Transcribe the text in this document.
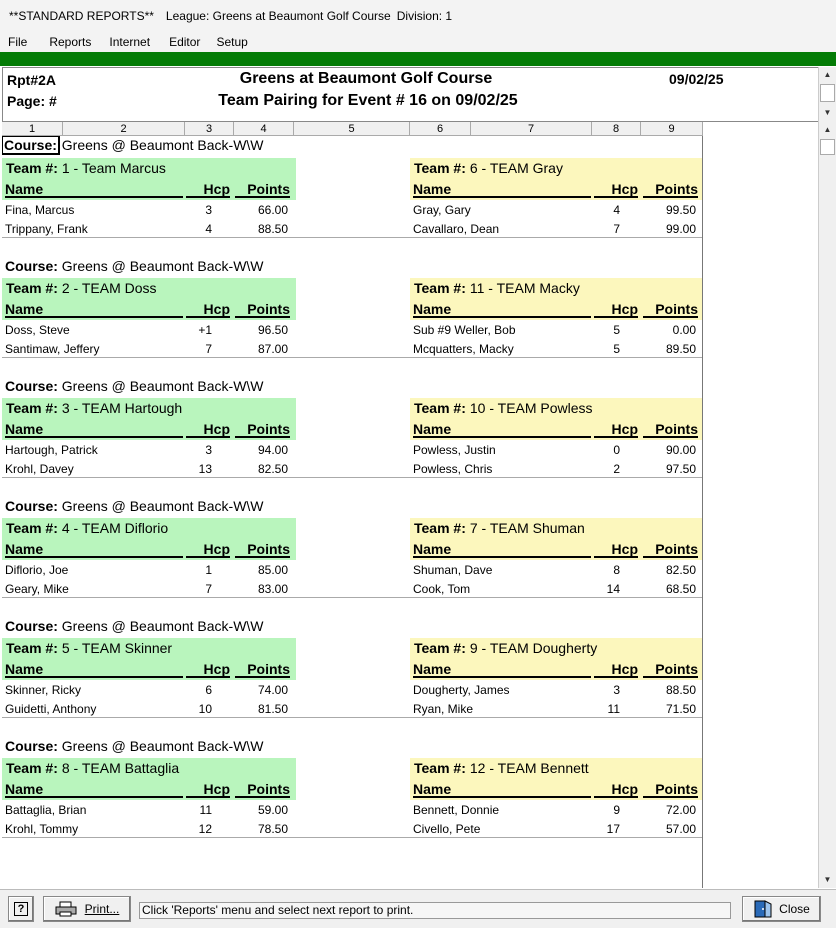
**STANDARD REPORTS** League: Greens at Beaumont Golf Course Division: 1
File	Reports	Internet	Editor	Setup
Rpt#2A
Page: #
Greens at Beaumont Golf Course
Team Pairing for Event # 16 on 09/02/25
09/02/25	▲
▼
1	2	3	4	5	6	7	8	9
Course: Greens @ Beaumont Back-W\W
Team #: 1 - Team Marcus
Name	Hcp	Points
Fina, Marcus	3	66.00
Trippany, Frank	4	88.50
Team #: 6 - TEAM Gray
Name	Hcp	Points
Gray, Gary	4	99.50
Cavallaro, Dean	7	99.00
Course: Greens @ Beaumont Back-W\W
Team #: 2 - TEAM Doss
Name	Hcp	Points
Doss, Steve	+1	96.50
Santimaw, Jeffery	7	87.00
Team #: 11 - TEAM Macky
Name	Hcp	Points
Sub #9 Weller, Bob	5	0.00
Mcquatters, Macky	5	89.50
Course: Greens @ Beaumont Back-W\W
Team #: 3 - TEAM Hartough
Name	Hcp	Points
Hartough, Patrick	3	94.00
Krohl, Davey	13	82.50
Team #: 10 - TEAM Powless
Name	Hcp	Points
Powless, Justin	0	90.00
Powless, Chris	2	97.50
Course: Greens @ Beaumont Back-W\W
Team #: 4 - TEAM Diflorio
Name	Hcp	Points
Diflorio, Joe	1	85.00
Geary, Mike	7	83.00
Team #: 7 - TEAM Shuman
Name	Hcp	Points
Shuman, Dave	8	82.50
Cook, Tom	14	68.50
Course: Greens @ Beaumont Back-W\W
Team #: 5 - TEAM Skinner
Name	Hcp	Points
Skinner, Ricky	6	74.00
Guidetti, Anthony	10	81.50
Team #: 9 - TEAM Dougherty
Name	Hcp	Points
Dougherty, James	3	88.50
Ryan, Mike	11	71.50
Course: Greens @ Beaumont Back-W\W
Team #: 8 - TEAM Battaglia
Name	Hcp	Points
Battaglia, Brian	11	59.00
Krohl, Tommy	12	78.50
Team #: 12 - TEAM Bennett
Name	Hcp	Points
Bennett, Donnie	9	72.00
Civello, Pete	17	57.00
▲
▼
?	Print... Click 'Reports' menu and select next report to print.	Close
